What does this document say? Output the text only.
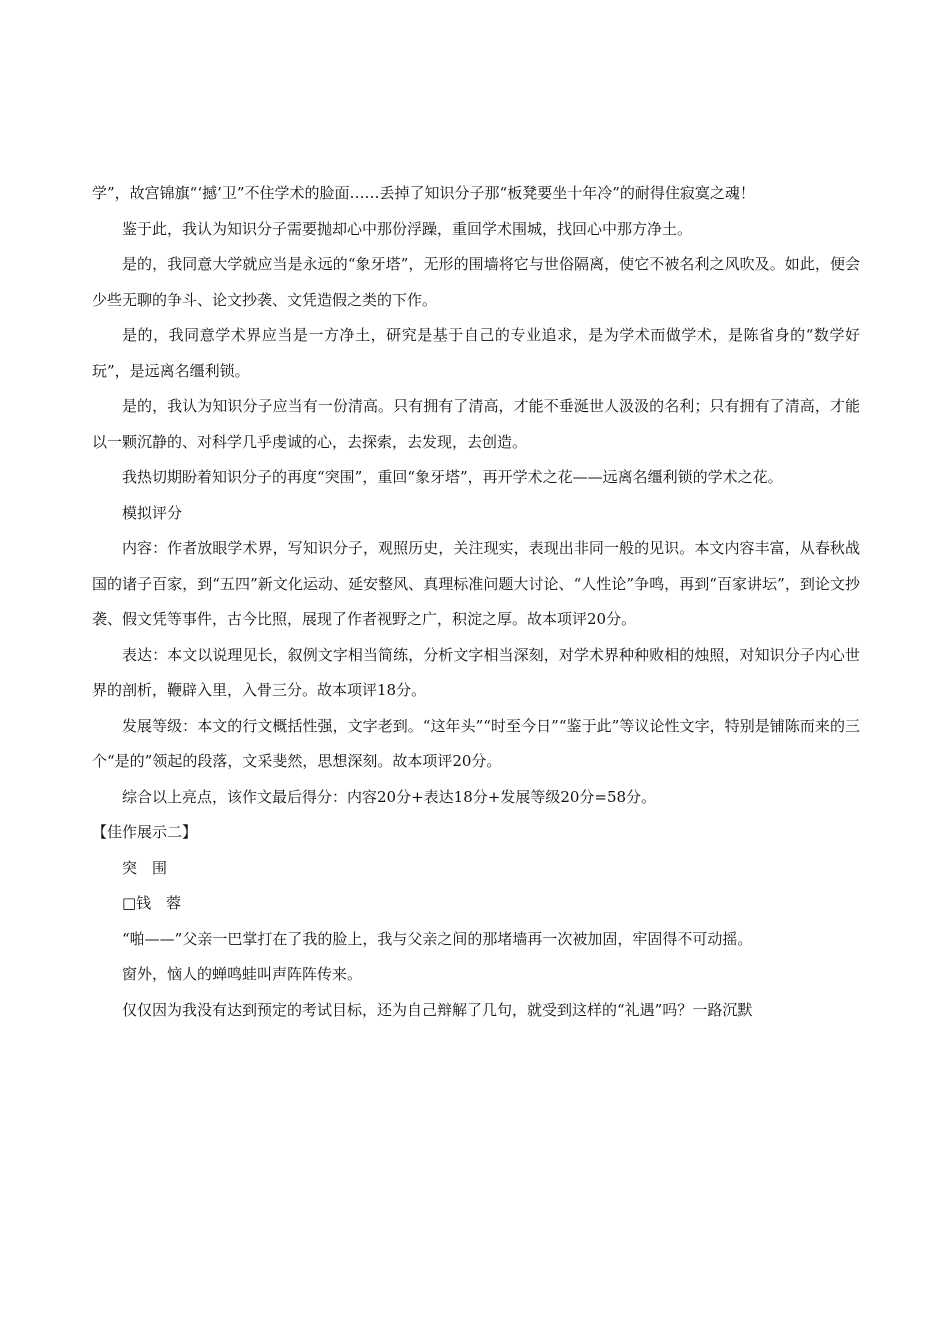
学”，故宫锦旗“‘撼’卫”不住学术的脸面……丢掉了知识分子那“板凳要坐十年冷”的耐得住寂寞之魂！

鉴于此，我认为知识分子需要抛却心中那份浮躁，重回学术围城，找回心中那方净土。

是的，我同意大学就应当是永远的“象牙塔”，无形的围墙将它与世俗隔离，使它不被名利之风吹及。如此，便会少些无聊的争斗、论文抄袭、文凭造假之类的下作。

是的，我同意学术界应当是一方净土，研究是基于自己的专业追求，是为学术而做学术，是陈省身的“数学好玩”，是远离名缰利锁。

是的，我认为知识分子应当有一份清高。只有拥有了清高，才能不垂涎世人汲汲的名利；只有拥有了清高，才能以一颗沉静的、对科学几乎虔诚的心，去探索，去发现，去创造。

我热切期盼着知识分子的再度“突围”，重回“象牙塔”，再开学术之花——远离名缰利锁的学术之花。

模拟评分

内容：作者放眼学术界，写知识分子，观照历史，关注现实，表现出非同一般的见识。本文内容丰富，从春秋战国的诸子百家，到“五四”新文化运动、延安整风、真理标准问题大讨论、“人性论”争鸣，再到“百家讲坛”，到论文抄袭、假文凭等事件，古今比照，展现了作者视野之广，积淀之厚。故本项评20分。

表达：本文以说理见长，叙例文字相当简练，分析文字相当深刻，对学术界种种败相的烛照，对知识分子内心世界的剖析，鞭辟入里，入骨三分。故本项评18分。

发展等级：本文的行文概括性强，文字老到。“这年头”“时至今日”“鉴于此”等议论性文字，特别是铺陈而来的三个“是的”领起的段落，文采斐然，思想深刻。故本项评20分。

综合以上亮点，该作文最后得分：内容20分+表达18分+发展等级20分=58分。

【佳作展示二】

突　围

□钱　蓉

“啪——”父亲一巴掌打在了我的脸上，我与父亲之间的那堵墙再一次被加固，牢固得不可动摇。

窗外，恼人的蝉鸣蛙叫声阵阵传来。

仅仅因为我没有达到预定的考试目标，还为自己辩解了几句，就受到这样的“礼遇”吗？一路沉默
